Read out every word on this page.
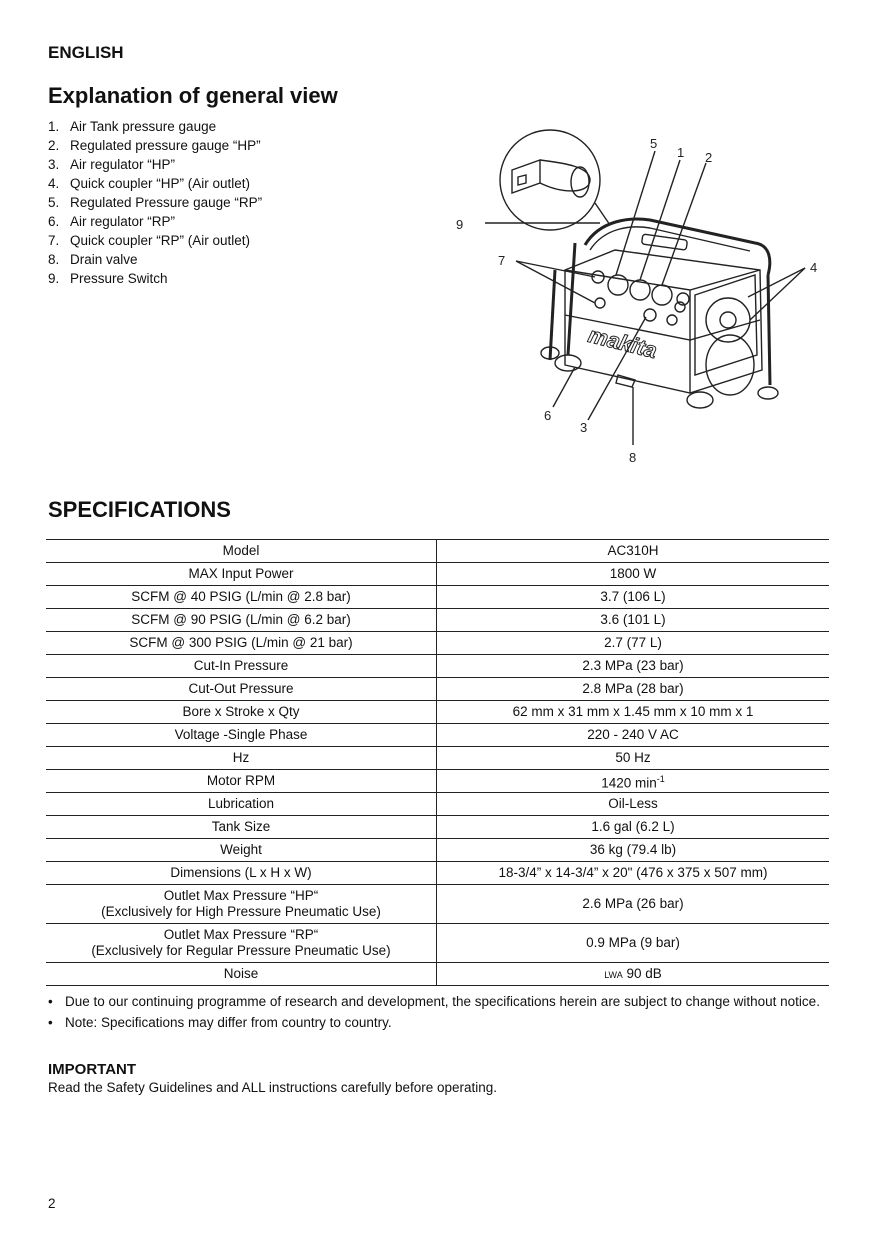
ENGLISH
Explanation of general view
1. Air Tank pressure gauge
2. Regulated pressure gauge “HP”
3. Air regulator “HP”
4. Quick coupler “HP” (Air outlet)
5. Regulated Pressure gauge “RP”
6. Air regulator “RP”
7. Quick coupler “RP” (Air outlet)
8. Drain valve
9. Pressure Switch
makita
5
1 2
9
7	4
6
3
8
SPECIFICATIONS
Model	AC310H
MAX Input Power	1800 W
SCFM @ 40 PSIG (L/min @ 2.8 bar)	3.7 (106 L)
SCFM @ 90 PSIG (L/min @ 6.2 bar)	3.6 (101 L)
SCFM @ 300 PSIG (L/min @ 21 bar)	2.7 (77 L)
Cut-In Pressure	2.3 MPa (23 bar)
Cut-Out Pressure	2.8 MPa (28 bar)
Bore x Stroke x Qty	62 mm x 31 mm x 1.45 mm x 10 mm x 1
Voltage -Single Phase	220 - 240 V AC
Hz	50 Hz
Motor RPM	1420 $\min^{-1}$
Lubrication	Oil-Less
Tank Size	1.6 gal (6.2 L)
Weight	36 kg (79.4 lb)
Dimensions (L x H x W)	18-3/4” x 14-3/4” x 20" (476 x 375 x 507 mm)

Outlet Max Pressure “HP“
(Exclusively for High Pressure Pneumatic Use)	2.6 MPa (26 bar)

Outlet Max Pressure “RP“
(Exclusively for Regular Pressure Pneumatic Use)	0.9 MPa (9 bar)
Noise	LWA 90 dB
• Due to our continuing programme of research and development, the specifications herein are subject to change without notice.
• Note: Specifications may differ from country to country.
IMPORTANT
Read the Safety Guidelines and ALL instructions carefully before operating.
2
